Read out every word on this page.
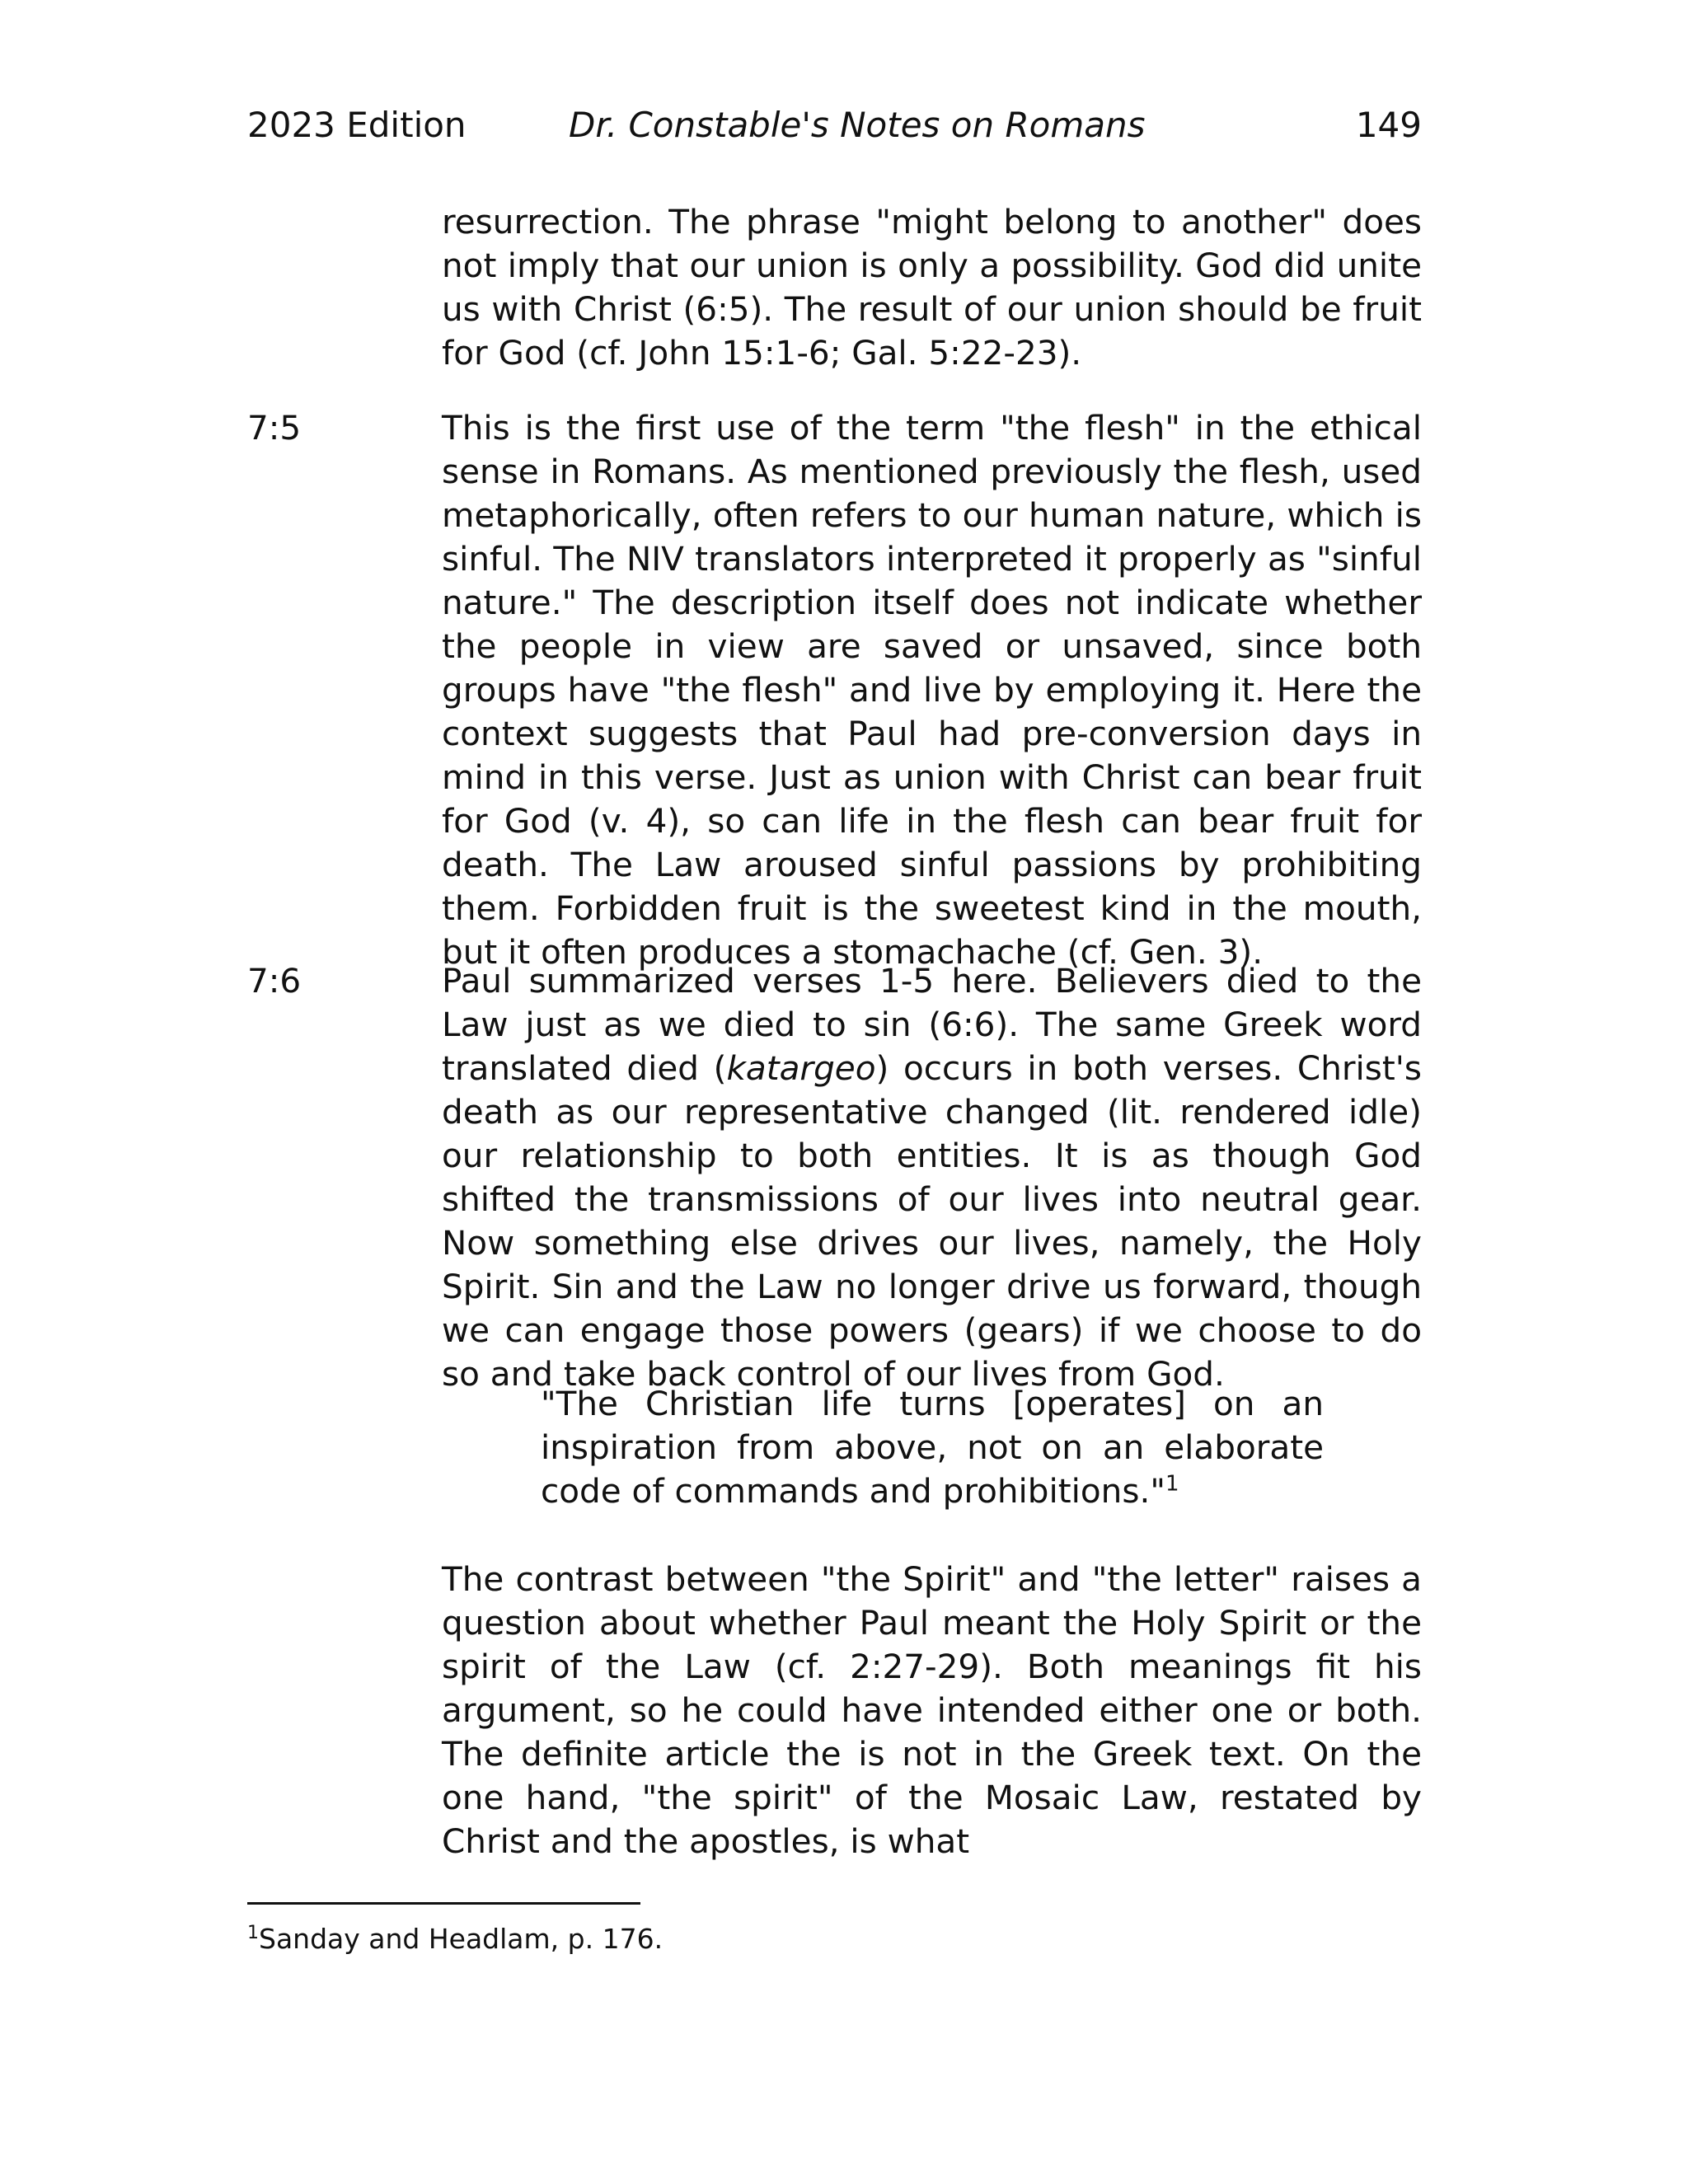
2023 Edition	Dr. Constable's Notes on Romans	149

resurrection. The phrase "might belong to another" does not imply that our union is only a possibility. God did unite us with Christ (6:5). The result of our union should be fruit for God (cf. John 15:1-6; Gal. 5:22-23).

7:5	This is the first use of the term "the flesh" in the ethical sense in Romans. As mentioned previously the flesh, used metaphorically, often refers to our human nature, which is sinful. The NIV translators interpreted it properly as "sinful nature." The description itself does not indicate whether the people in view are saved or unsaved, since both groups have "the flesh" and live by employing it. Here the context suggests that Paul had pre-conversion days in mind in this verse. Just as union with Christ can bear fruit for God (v. 4), so can life in the flesh can bear fruit for death. The Law aroused sinful passions by prohibiting them. Forbidden fruit is the sweetest kind in the mouth, but it often produces a stomachache (cf. Gen. 3).

7:6	Paul summarized verses 1-5 here. Believers died to the Law just as we died to sin (6:6). The same Greek word translated died (katargeo) occurs in both verses. Christ's death as our representative changed (lit. rendered idle) our relationship to both entities. It is as though God shifted the transmissions of our lives into neutral gear. Now something else drives our lives, namely, the Holy Spirit. Sin and the Law no longer drive us forward, though we can engage those powers (gears) if we choose to do so and take back control of our lives from God.

"The Christian life turns [operates] on an inspiration from above, not on an elaborate code of commands and prohibitions."$^1$

The contrast between "the Spirit" and "the letter" raises a question about whether Paul meant the Holy Spirit or the spirit of the Law (cf. 2:27-29). Both meanings fit his argument, so he could have intended either one or both. The definite article the is not in the Greek text. On the one hand, "the spirit" of the Mosaic Law, restated by Christ and the apostles, is what

$^1$Sanday and Headlam, p. 176.
